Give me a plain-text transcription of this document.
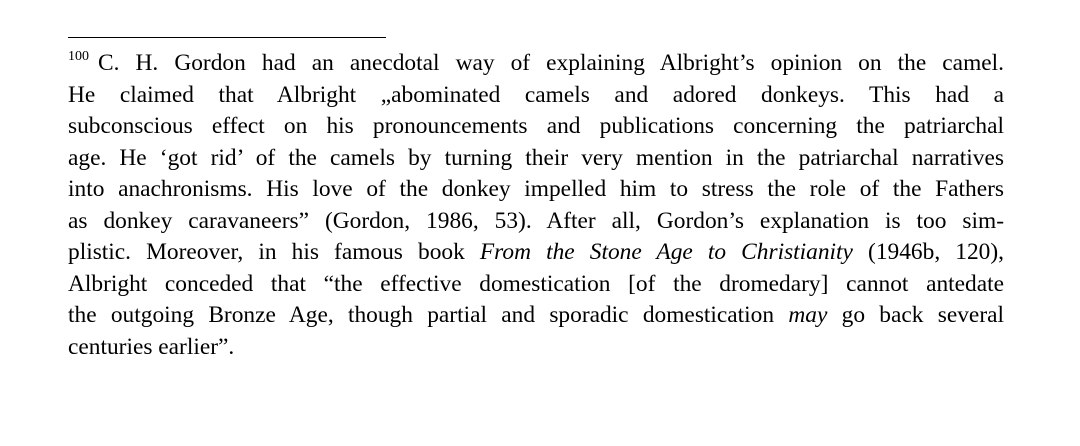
$^{100}$ C. H. Gordon had an anecdotal way of explaining Albright’s opinion on the camel.
He claimed that Albright „abominated camels and adored donkeys. This had a
subconscious effect on his pronouncements and publications concerning the patriarchal
age. He ‘got rid’ of the camels by turning their very mention in the patriarchal narratives
into anachronisms. His love of the donkey impelled him to stress the role of the Fathers
as donkey caravaneers” (Gordon, 1986, 53). After all, Gordon’s explanation is too sim-
plistic. Moreover, in his famous book From the Stone Age to Christianity (1946b, 120),
Albright conceded that “the effective domestication [of the dromedary] cannot antedate
the outgoing Bronze Age, though partial and sporadic domestication may go back several
centuries earlier”.
